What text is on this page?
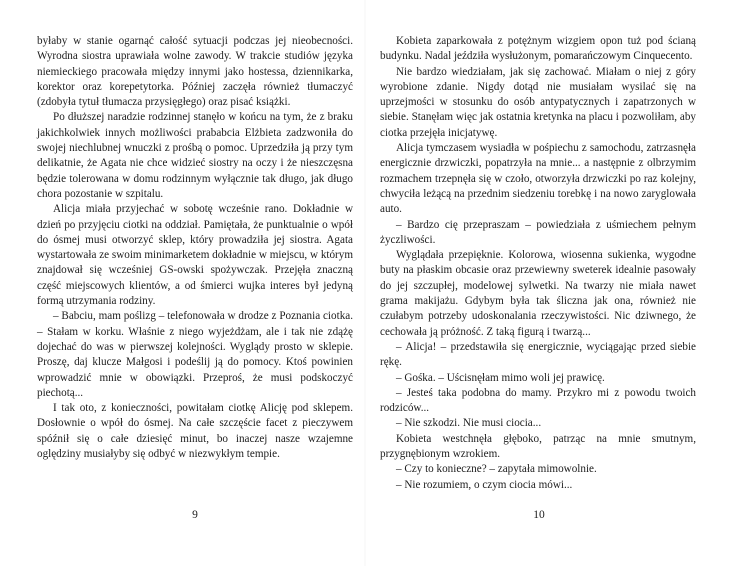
byłaby w stanie ogarnąć całość sytuacji podczas jej nieobecności. Wyrodna siostra uprawiała wolne zawody. W trakcie studiów języka niemieckiego pracowała między innymi jako hostessa, dziennikarka, korektor oraz korepetytorka. Później zaczęła również tłumaczyć (zdobyła tytuł tłumacza przysięgłego) oraz pisać książki.

Po dłuższej naradzie rodzinnej stanęło w końcu na tym, że z braku jakichkolwiek innych możliwości prababcia Elżbieta zadzwoniła do swojej niechlubnej wnuczki z prośbą o pomoc. Uprzedziła ją przy tym delikatnie, że Agata nie chce widzieć siostry na oczy i że nieszczęsna będzie tolerowana w domu rodzinnym wyłącznie tak długo, jak długo chora pozostanie w szpitalu.

Alicja miała przyjechać w sobotę wcześnie rano. Dokładnie w dzień po przyjęciu ciotki na oddział. Pamiętała, że punktualnie o wpół do ósmej musi otworzyć sklep, który prowadziła jej siostra. Agata wystartowała ze swoim minimarketem dokładnie w miejscu, w którym znajdował się wcześniej GS-owski spożywczak. Przejęła znaczną część miejscowych klientów, a od śmierci wujka interes był jedyną formą utrzymania rodziny.

– Babciu, mam poślizg – telefonowała w drodze z Poznania ciotka. – Stałam w korku. Właśnie z niego wyjeżdżam, ale i tak nie zdążę dojechać do was w pierwszej kolejności. Wyglądy prosto w sklepie. Proszę, daj klucze Małgosi i podeślij ją do pomocy. Ktoś powinien wprowadzić mnie w obowiązki. Przeproś, że musi podskoczyć piechotą...

I tak oto, z konieczności, powitałam ciotkę Alicję pod sklepem. Dosłownie o wpół do ósmej. Na całe szczęście facet z pieczywem spóźnił się o całe dziesięć minut, bo inaczej nasze wzajemne oględziny musiałyby się odbyć w niezwykłym tempie.

9

Kobieta zaparkowała z potężnym wizgiem opon tuż pod ścianą budynku. Nadal jeździła wysłużonym, pomarańczowym Cinquecento.

Nie bardzo wiedziałam, jak się zachować. Miałam o niej z góry wyrobione zdanie. Nigdy dotąd nie musiałam wysilać się na uprzejmości w stosunku do osób antypatycznych i zapatrzonych w siebie. Stanęłam więc jak ostatnia kretynka na placu i pozwoliłam, aby ciotka przejęła inicjatywę.

Alicja tymczasem wysiadła w pośpiechu z samochodu, zatrzasnęła energicznie drzwiczki, popatrzyła na mnie... a następnie z olbrzymim rozmachem trzepnęła się w czoło, otworzyła drzwiczki po raz kolejny, chwyciła leżącą na przednim siedzeniu torebkę i na nowo zaryglowała auto.

– Bardzo cię przepraszam – powiedziała z uśmiechem pełnym życzliwości.

Wyglądała przepięknie. Kolorowa, wiosenna sukienka, wygodne buty na płaskim obcasie oraz przewiewny sweterek idealnie pasowały do jej szczupłej, modelowej sylwetki. Na twarzy nie miała nawet grama makijażu. Gdybym była tak śliczna jak ona, również nie czułabym potrzeby udoskonalania rzeczywistości. Nic dziwnego, że cechowała ją próżność. Z taką figurą i twarzą...

– Alicja! – przedstawiła się energicznie, wyciągając przed siebie rękę.

– Gośka. – Uścisnęłam mimo woli jej prawicę.

– Jesteś taka podobna do mamy. Przykro mi z powodu twoich rodziców...

– Nie szkodzi. Nie musi ciocia...

Kobieta westchnęła głęboko, patrząc na mnie smutnym, przygnębionym wzrokiem.

– Czy to konieczne? – zapytała mimowolnie.

– Nie rozumiem, o czym ciocia mówi...

10
